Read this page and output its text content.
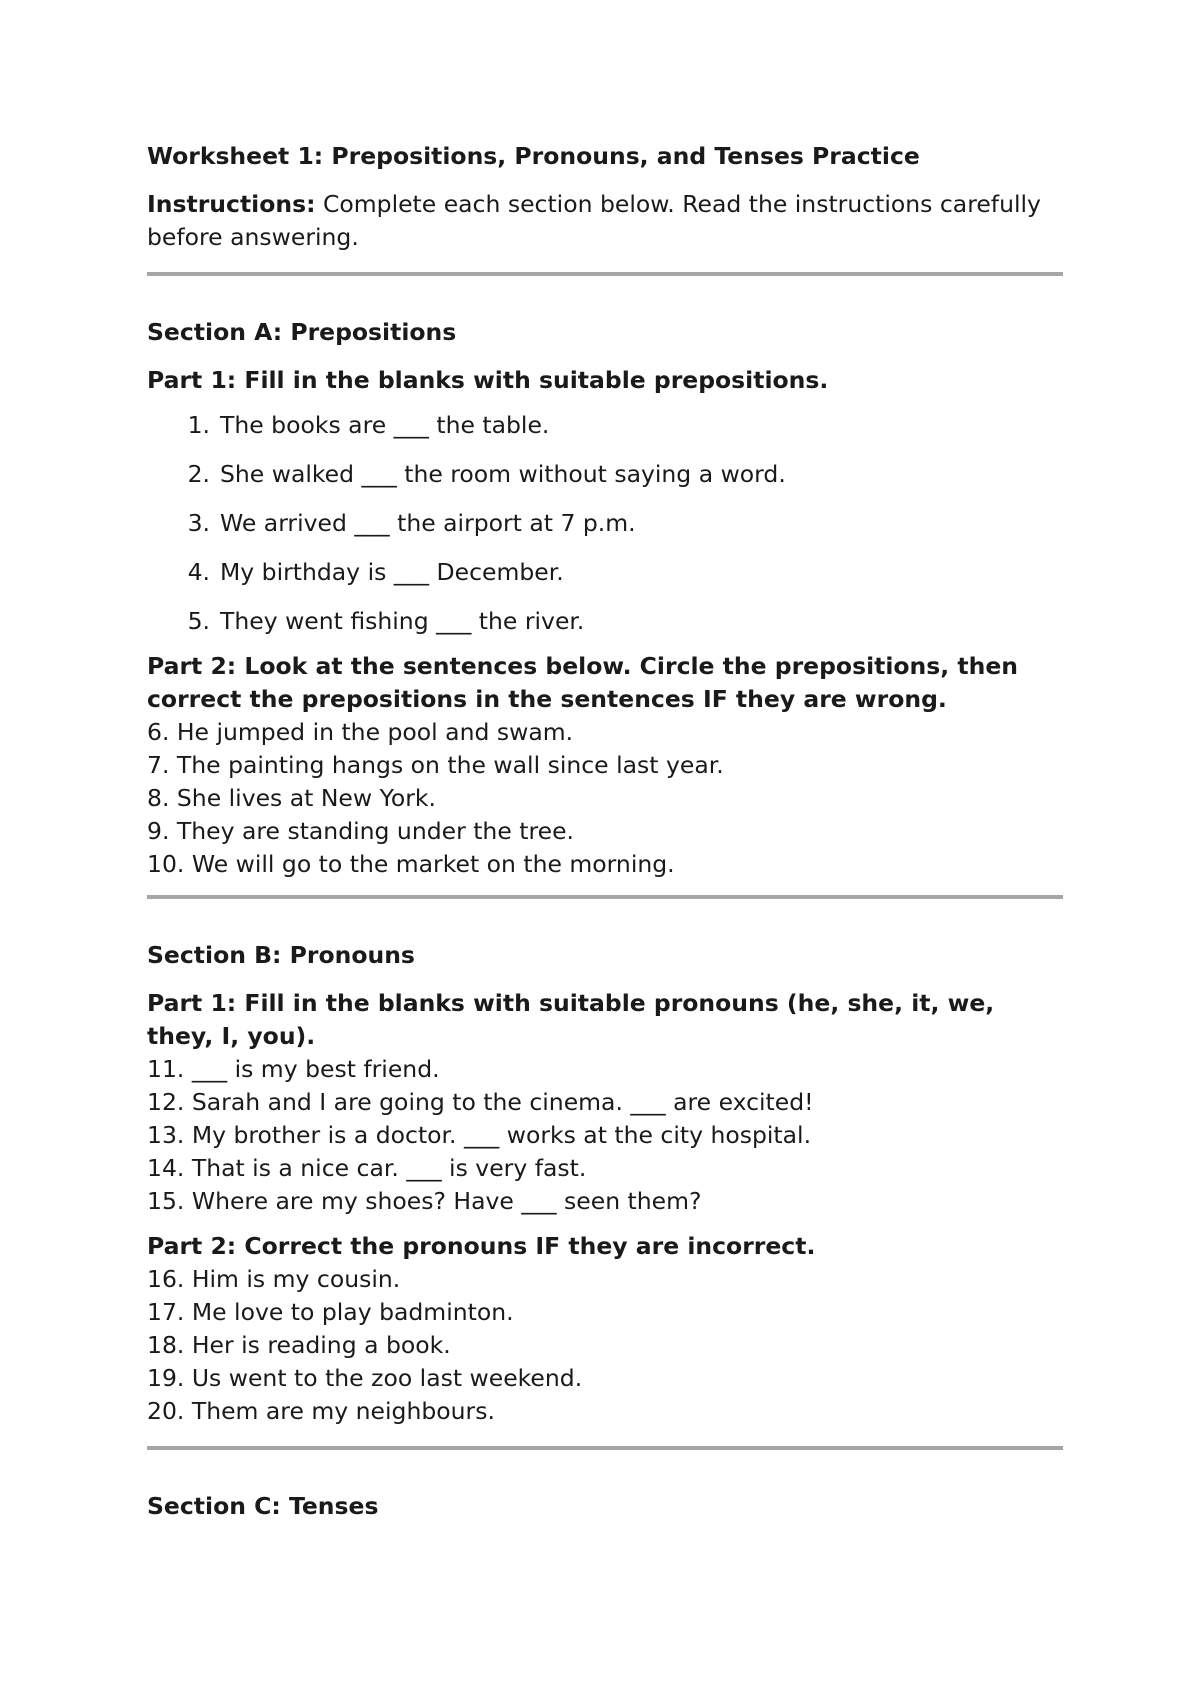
Worksheet 1: Prepositions, Pronouns, and Tenses Practice

Instructions: Complete each section below. Read the instructions carefully before answering.

Section A: Prepositions
Part 1: Fill in the blanks with suitable prepositions.
1. The books are ___ the table.
2. She walked ___ the room without saying a word.
3. We arrived ___ the airport at 7 p.m.
4. My birthday is ___ December.
5. They went fishing ___ the river.
Part 2: Look at the sentences below. Circle the prepositions, then correct the prepositions in the sentences IF they are wrong.
6. He jumped in the pool and swam.
7. The painting hangs on the wall since last year.
8. She lives at New York.
9. They are standing under the tree.
10. We will go to the market on the morning.
Section B: Pronouns
Part 1: Fill in the blanks with suitable pronouns (he, she, it, we, they, I, you).
11. ___ is my best friend.
12. Sarah and I are going to the cinema. ___ are excited!
13. My brother is a doctor. ___ works at the city hospital.
14. That is a nice car. ___ is very fast.
15. Where are my shoes? Have ___ seen them?
Part 2: Correct the pronouns IF they are incorrect.
16. Him is my cousin.
17. Me love to play badminton.
18. Her is reading a book.
19. Us went to the zoo last weekend.
20. Them are my neighbours.
Section C: Tenses
